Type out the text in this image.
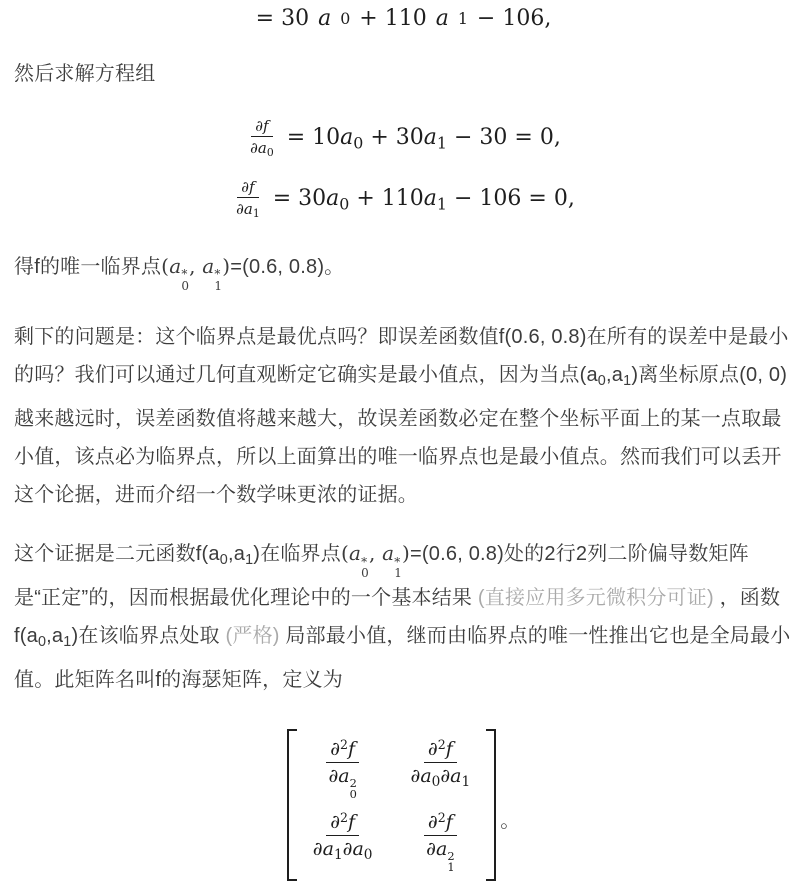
= 30 a 0 + 110 a 1 − 106,

然后求解方程组

$\frac{\partial f}{\partial a_0} = 10a_0 + 30a_1 - 30 = 0$,
$\frac{\partial f}{\partial a_1} = 30a_0 + 110a_1 - 106 = 0$,

得f的唯一临界点(a *
0
, a *
1
)=(0.6, 0.8)。

剩下的问题是：这个临界点是最优点吗？即误差函数值f(0.6, 0.8)在所有的误差中是最小的吗？我们可以通过几何直观断定它确实是最小值点，因为当点$(a_0,a_1)$离坐标原点(0, 0)越来越远时，误差函数值将越来越大，故误差函数必定在整个坐标平面上的某一点取最小值，该点必为临界点，所以上面算出的唯一临界点也是最小值点。然而我们可以丢开这个论据，进而介绍一个数学味更浓的证据。

这个证据是二元函数$f(a_0,a_1)$在临界点(a *
0
, a *
1
)=(0.6, 0.8)处的2行2列二阶偏导数矩阵是“正定”的，因而根据最优化理论中的一个基本结果 (直接应用多元微积分可证) ，函数$f(a_0,a_1)$在该临界点处取 (严格) 局部最小值，继而由临界点的唯一性推出它也是全局最小值。此矩阵名叫f的海瑟矩阵，定义为

∂$^2$f
∂a 2
$0 \frac{\partial^2f}{\partial a_0\partial a_1}$
$\frac{\partial^2f}{\partial a_1\partial a_0} \partial^2f$
∂a 2
1 。
